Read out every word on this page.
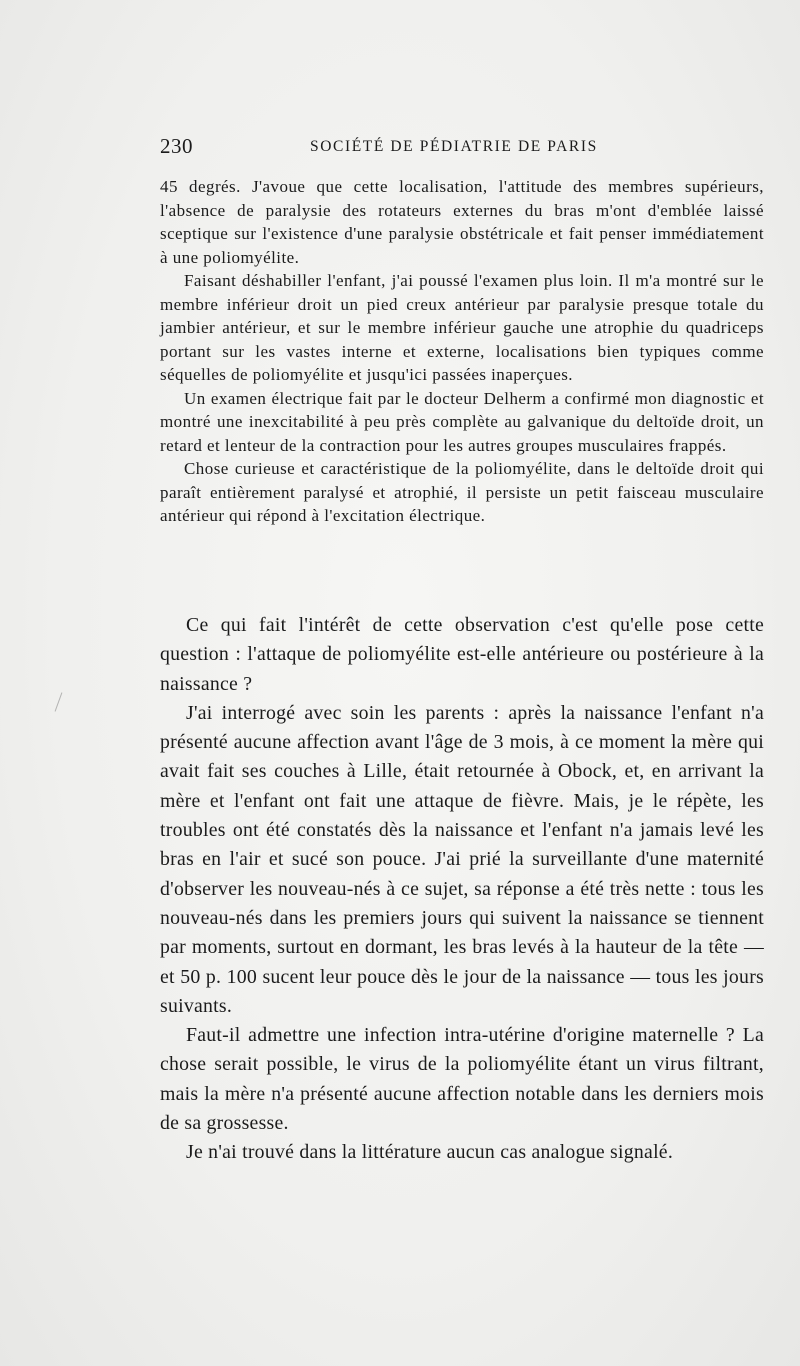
230	SOCIÉTÉ DE PÉDIATRIE DE PARIS

45 degrés. J'avoue que cette localisation, l'attitude des membres supérieurs, l'absence de paralysie des rotateurs externes du bras m'ont d'emblée laissé sceptique sur l'existence d'une paralysie obstétricale et fait penser immédiatement à une poliomyélite.

Faisant déshabiller l'enfant, j'ai poussé l'examen plus loin. Il m'a montré sur le membre inférieur droit un pied creux antérieur par paralysie presque totale du jambier antérieur, et sur le membre inférieur gauche une atrophie du quadriceps portant sur les vastes interne et externe, localisations bien typiques comme séquelles de poliomyélite et jusqu'ici passées inaperçues.

Un examen électrique fait par le docteur Delherm a confirmé mon diagnostic et montré une inexcitabilité à peu près complète au galvanique du deltoïde droit, un retard et lenteur de la contraction pour les autres groupes musculaires frappés.

Chose curieuse et caractéristique de la poliomyélite, dans le deltoïde droit qui paraît entièrement paralysé et atrophié, il persiste un petit faisceau musculaire antérieur qui répond à l'excitation électrique.

Ce qui fait l'intérêt de cette observation c'est qu'elle pose cette question : l'attaque de poliomyélite est-elle antérieure ou postérieure à la naissance ?

J'ai interrogé avec soin les parents : après la naissance l'enfant n'a présenté aucune affection avant l'âge de 3 mois, à ce moment la mère qui avait fait ses couches à Lille, était retournée à Obock, et, en arrivant la mère et l'enfant ont fait une attaque de fièvre. Mais, je le répète, les troubles ont été constatés dès la naissance et l'enfant n'a jamais levé les bras en l'air et sucé son pouce. J'ai prié la surveillante d'une maternité d'observer les nouveau-nés à ce sujet, sa réponse a été très nette : tous les nouveau-nés dans les premiers jours qui suivent la naissance se tiennent par moments, surtout en dormant, les bras levés à la hauteur de la tête — et 50 p. 100 sucent leur pouce dès le jour de la naissance — tous les jours suivants.

Faut-il admettre une infection intra-utérine d'origine maternelle ? La chose serait possible, le virus de la poliomyélite étant un virus filtrant, mais la mère n'a présenté aucune affection notable dans les derniers mois de sa grossesse.

Je n'ai trouvé dans la littérature aucun cas analogue signalé.
